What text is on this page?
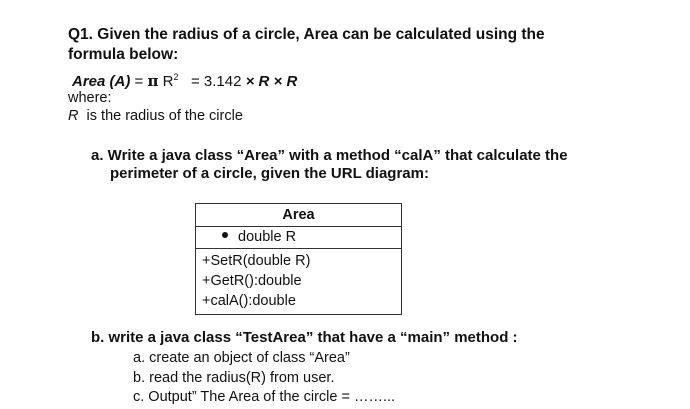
Q1. Given the radius of a circle, Area can be calculated using the
formula below:
Area (A) = π $R^2 = 3.142 \times R \times R$
where:
R  is the radius of the circle
a. Write a java class “Area” with a method “calA” that calculate the
perimeter of a circle, given the URL diagram:
Area
double R
+SetR(double R)
+GetR():double
+calA():double
b. write a java class “TestArea” that have a “main” method :
a. create an object of class “Area”
b. read the radius(R) from user.
c. Output” The Area of the circle = ……...
